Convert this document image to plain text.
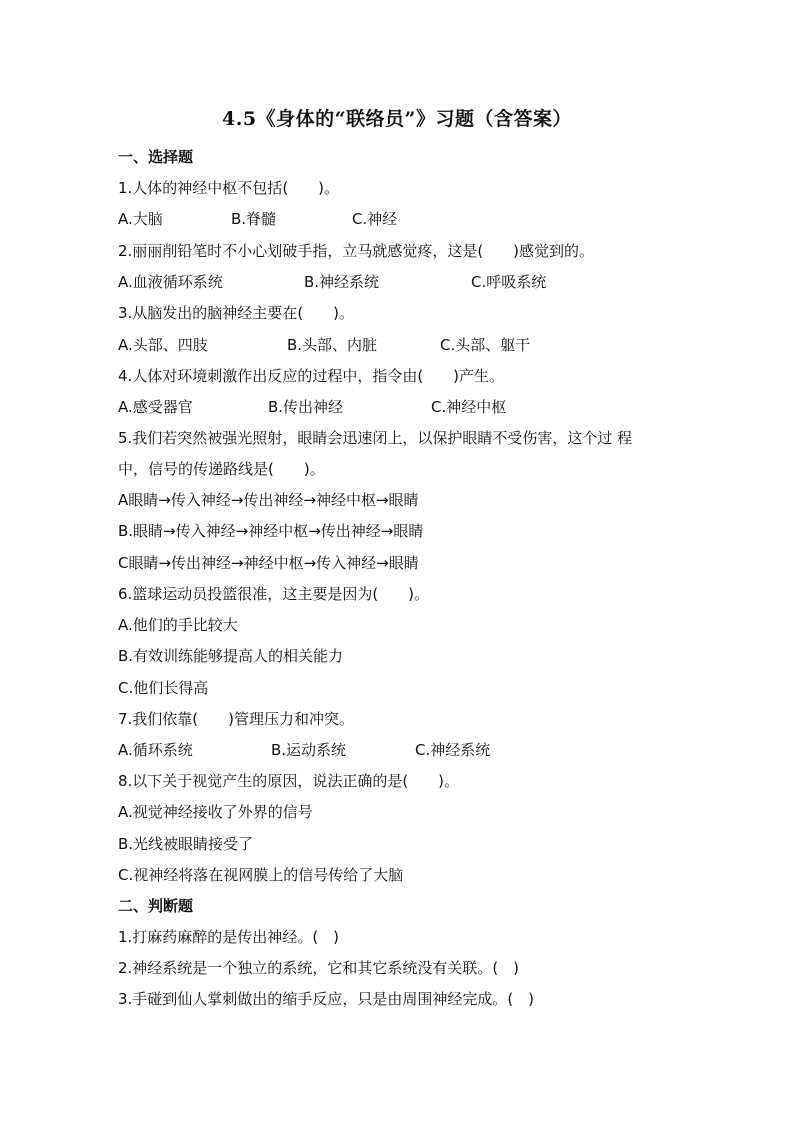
4.5《身体的“联络员”》习题（含答案）
一、选择题
1.人体的神经中枢不包括(　　)。
A.大脑	B.脊髓	C.神经
2.丽丽削铅笔时不小心划破手指，立马就感觉疼，这是(　　)感觉到的。
A.血液循环系统	B.神经系统	C.呼吸系统
3.从脑发出的脑神经主要在(　　)。
A.头部、四肢	B.头部、内脏	C.头部、躯干
4.人体对环境刺激作出反应的过程中，指令由(　　)产生。
A.感受器官	B.传出神经	C.神经中枢
5.我们若突然被强光照射，眼睛会迅速闭上，以保护眼睛不受伤害，这个过 程
中，信号的传递路线是(　　)。
A眼睛→传入神经→传出神经→神经中枢→眼睛
B.眼睛→传入神经→神经中枢→传出神经→眼睛
C眼睛→传出神经→神经中枢→传入神经→眼睛
6.篮球运动员投篮很准，这主要是因为(　　)。
A.他们的手比较大
B.有效训练能够提高人的相关能力
C.他们长得高
7.我们依靠(　　)管理压力和冲突。
A.循环系统	B.运动系统	C.神经系统
8.以下关于视觉产生的原因，说法正确的是(　　)。
A.视觉神经接收了外界的信号
B.光线被眼睛接受了
C.视神经将落在视网膜上的信号传给了大脑
二、判断题
1.打麻药麻醉的是传出神经。(　)
2.神经系统是一个独立的系统，它和其它系统没有关联。(　)
3.手碰到仙人掌刺做出的缩手反应，只是由周围神经完成。(　)
